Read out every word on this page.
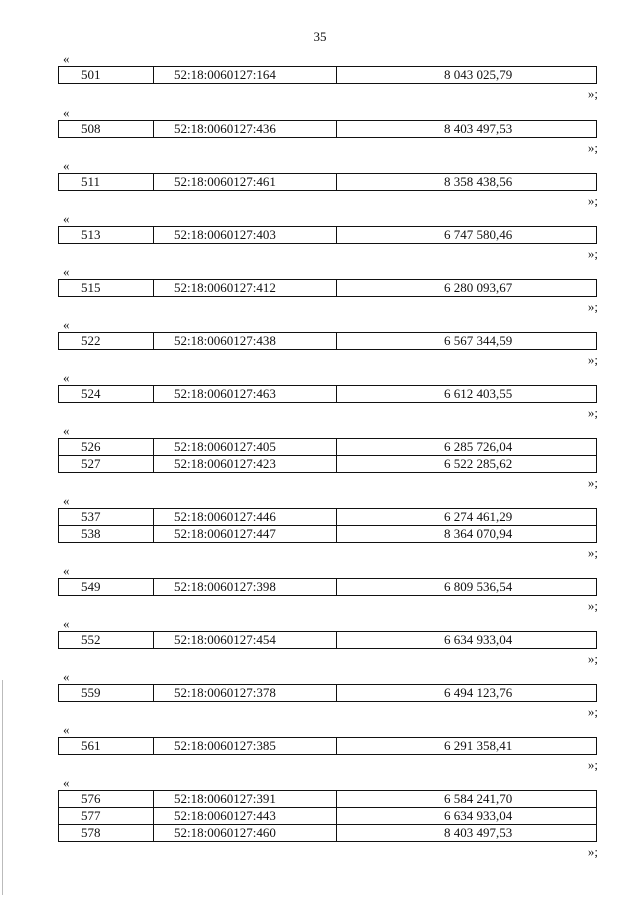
35
«
501	52:18:0060127:164	8 043 025,79
»;
«
508	52:18:0060127:436	8 403 497,53
»;
«
511	52:18:0060127:461	8 358 438,56
»;
«
513	52:18:0060127:403	6 747 580,46
»;
«
515	52:18:0060127:412	6 280 093,67
»;
«
522	52:18:0060127:438	6 567 344,59
»;
«
524	52:18:0060127:463	6 612 403,55
»;
«
526	52:18:0060127:405	6 285 726,04
527	52:18:0060127:423	6 522 285,62
»;
«
537	52:18:0060127:446	6 274 461,29
538	52:18:0060127:447	8 364 070,94
»;
«
549	52:18:0060127:398	6 809 536,54
»;
«
552	52:18:0060127:454	6 634 933,04
»;
«
559	52:18:0060127:378	6 494 123,76
»;
«
561	52:18:0060127:385	6 291 358,41
»;
«
576	52:18:0060127:391	6 584 241,70
577	52:18:0060127:443	6 634 933,04
578	52:18:0060127:460	8 403 497,53
»;
